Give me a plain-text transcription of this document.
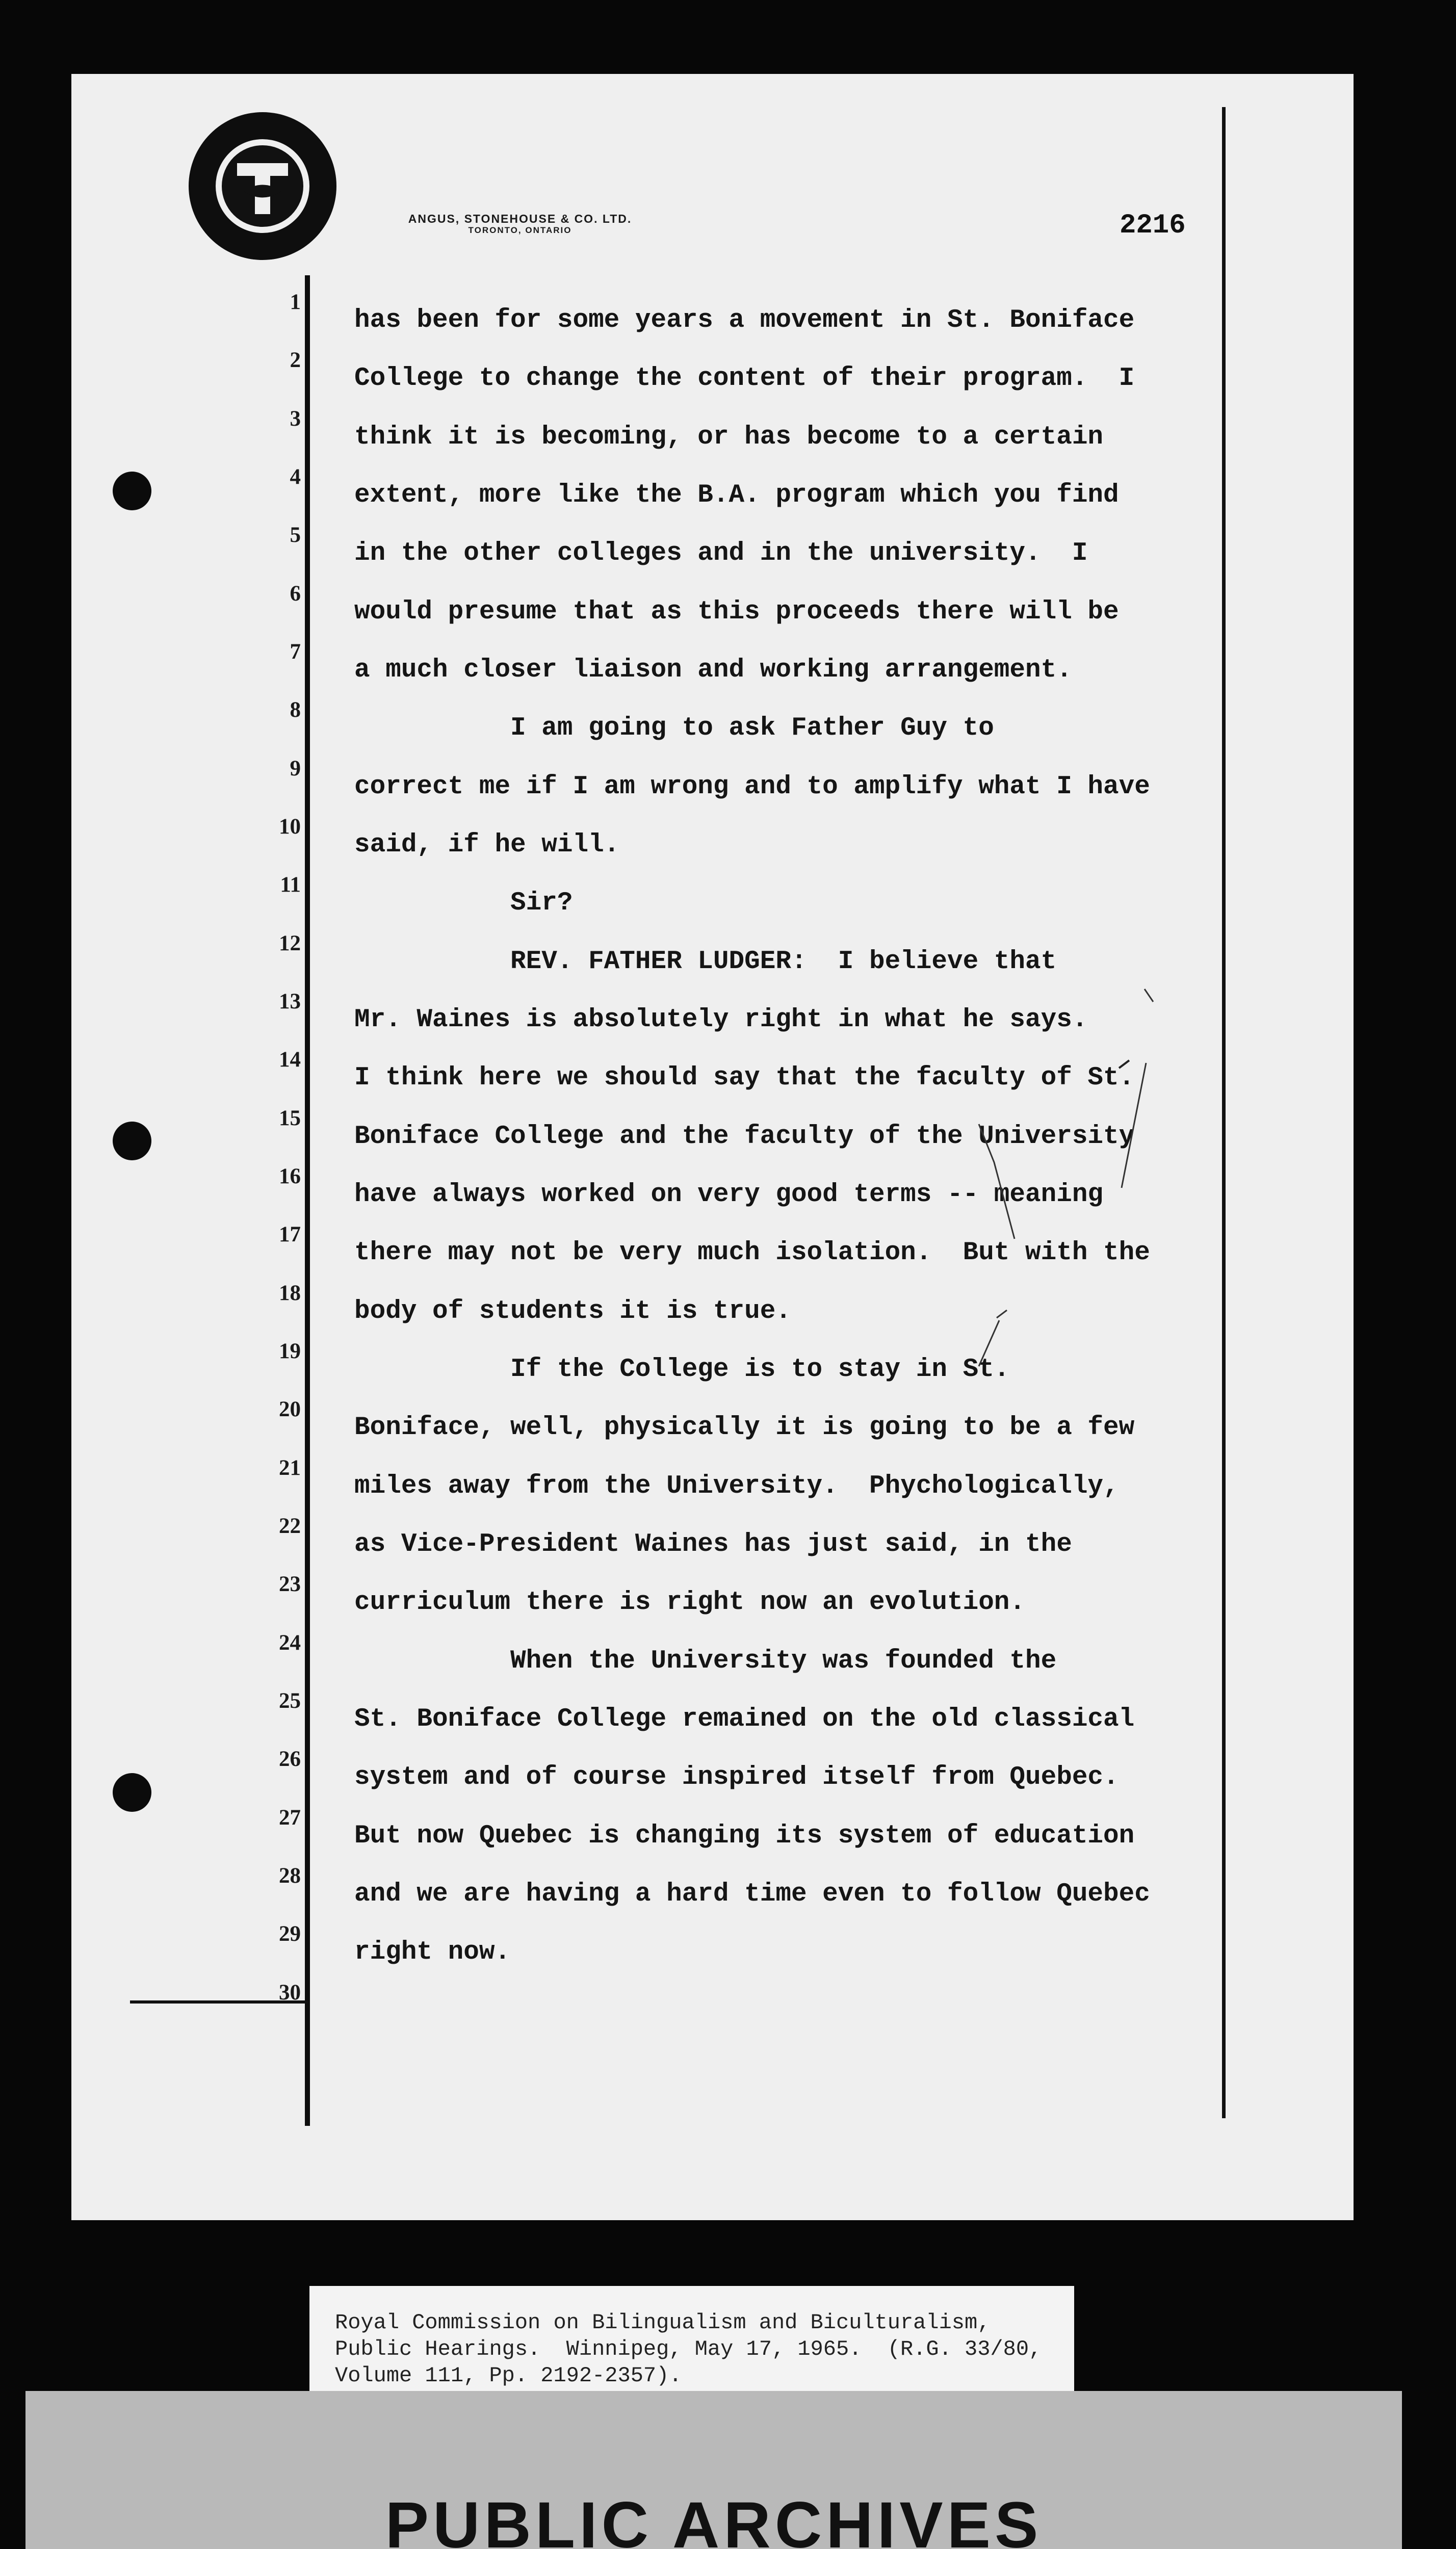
ANGUS, STONEHOUSE & CO. LTD.
TORONTO, ONTARIO	2216
1
2
3
4
5
6
7
8
9
10
11
12
13
14
15
16
17
18
19
20
21
22
23
24
25
26
27
28
29
30
has been for some years a movement in St. Boniface
College to change the content of their program.  I
think it is becoming, or has become to a certain
extent, more like the B.A. program which you find
in the other colleges and in the university.  I
would presume that as this proceeds there will be
a much closer liaison and working arrangement.
I am going to ask Father Guy to
correct me if I am wrong and to amplify what I have
said, if he will.
Sir?
REV. FATHER LUDGER:  I believe that
Mr. Waines is absolutely right in what he says.
I think here we should say that the faculty of St.
Boniface College and the faculty of the University
have always worked on very good terms -- meaning
there may not be very much isolation.  But with the
body of students it is true.
If the College is to stay in St.
Boniface, well, physically it is going to be a few
miles away from the University.  Phychologically,
as Vice-President Waines has just said, in the
curriculum there is right now an evolution.
When the University was founded the
St. Boniface College remained on the old classical
system and of course inspired itself from Quebec.
But now Quebec is changing its system of education
and we are having a hard time even to follow Quebec
right now.
Royal Commission on Bilingualism and Biculturalism,
Public Hearings.  Winnipeg, May 17, 1965.  (R.G. 33/80,
Volume 111, Pp. 2192-2357).
PUBLIC ARCHIVES
